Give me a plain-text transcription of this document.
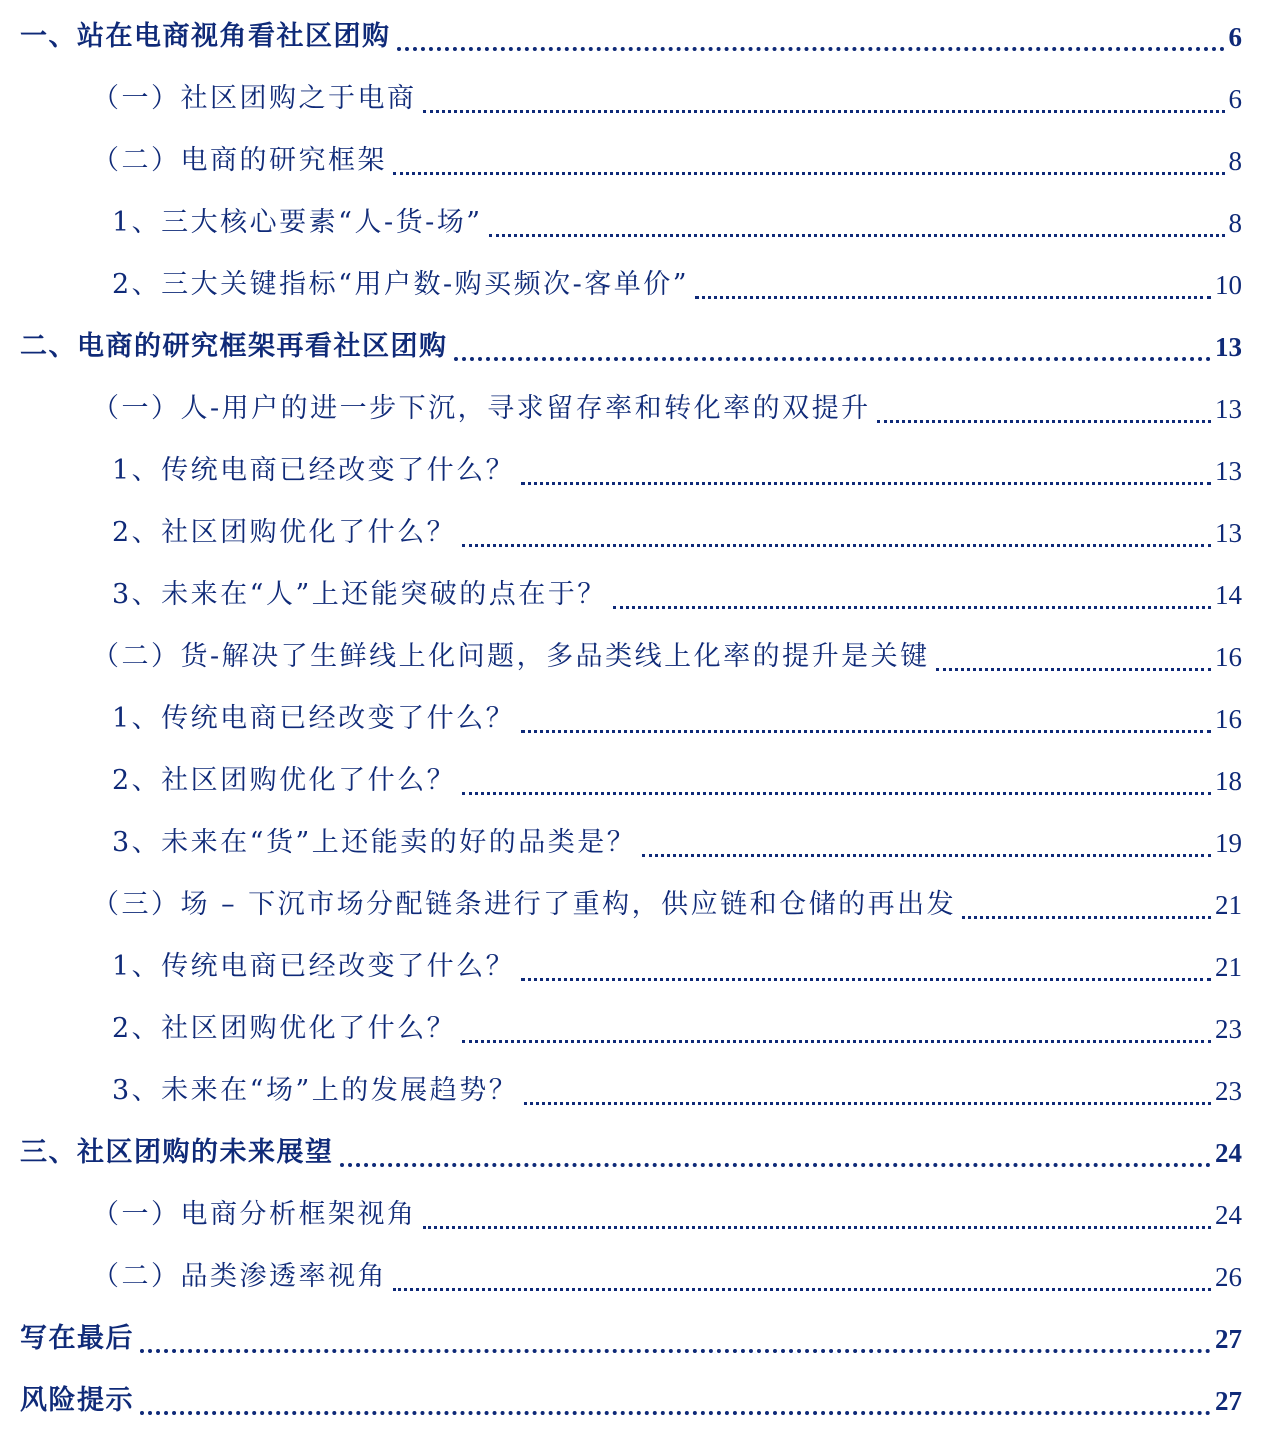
一、站在电商视角看社区团购	6
（一）社区团购之于电商	6
（二）电商的研究框架	8
1、三大核心要素“人-货-场”	8
2、三大关键指标“用户数-购买频次-客单价”	10
二、电商的研究框架再看社区团购	13
（一）人-用户的进一步下沉，寻求留存率和转化率的双提升	13
1、传统电商已经改变了什么？	13
2、社区团购优化了什么？	13
3、未来在“人”上还能突破的点在于？	14
（二）货-解决了生鲜线上化问题，多品类线上化率的提升是关键	16
1、传统电商已经改变了什么？	16
2、社区团购优化了什么？	18
3、未来在“货”上还能卖的好的品类是？	19
（三）场 – 下沉市场分配链条进行了重构，供应链和仓储的再出发	21
1、传统电商已经改变了什么？	21
2、社区团购优化了什么？	23
3、未来在“场”上的发展趋势？	23
三、社区团购的未来展望	24
（一）电商分析框架视角	24
（二）品类渗透率视角	26
写在最后	27
风险提示	27
